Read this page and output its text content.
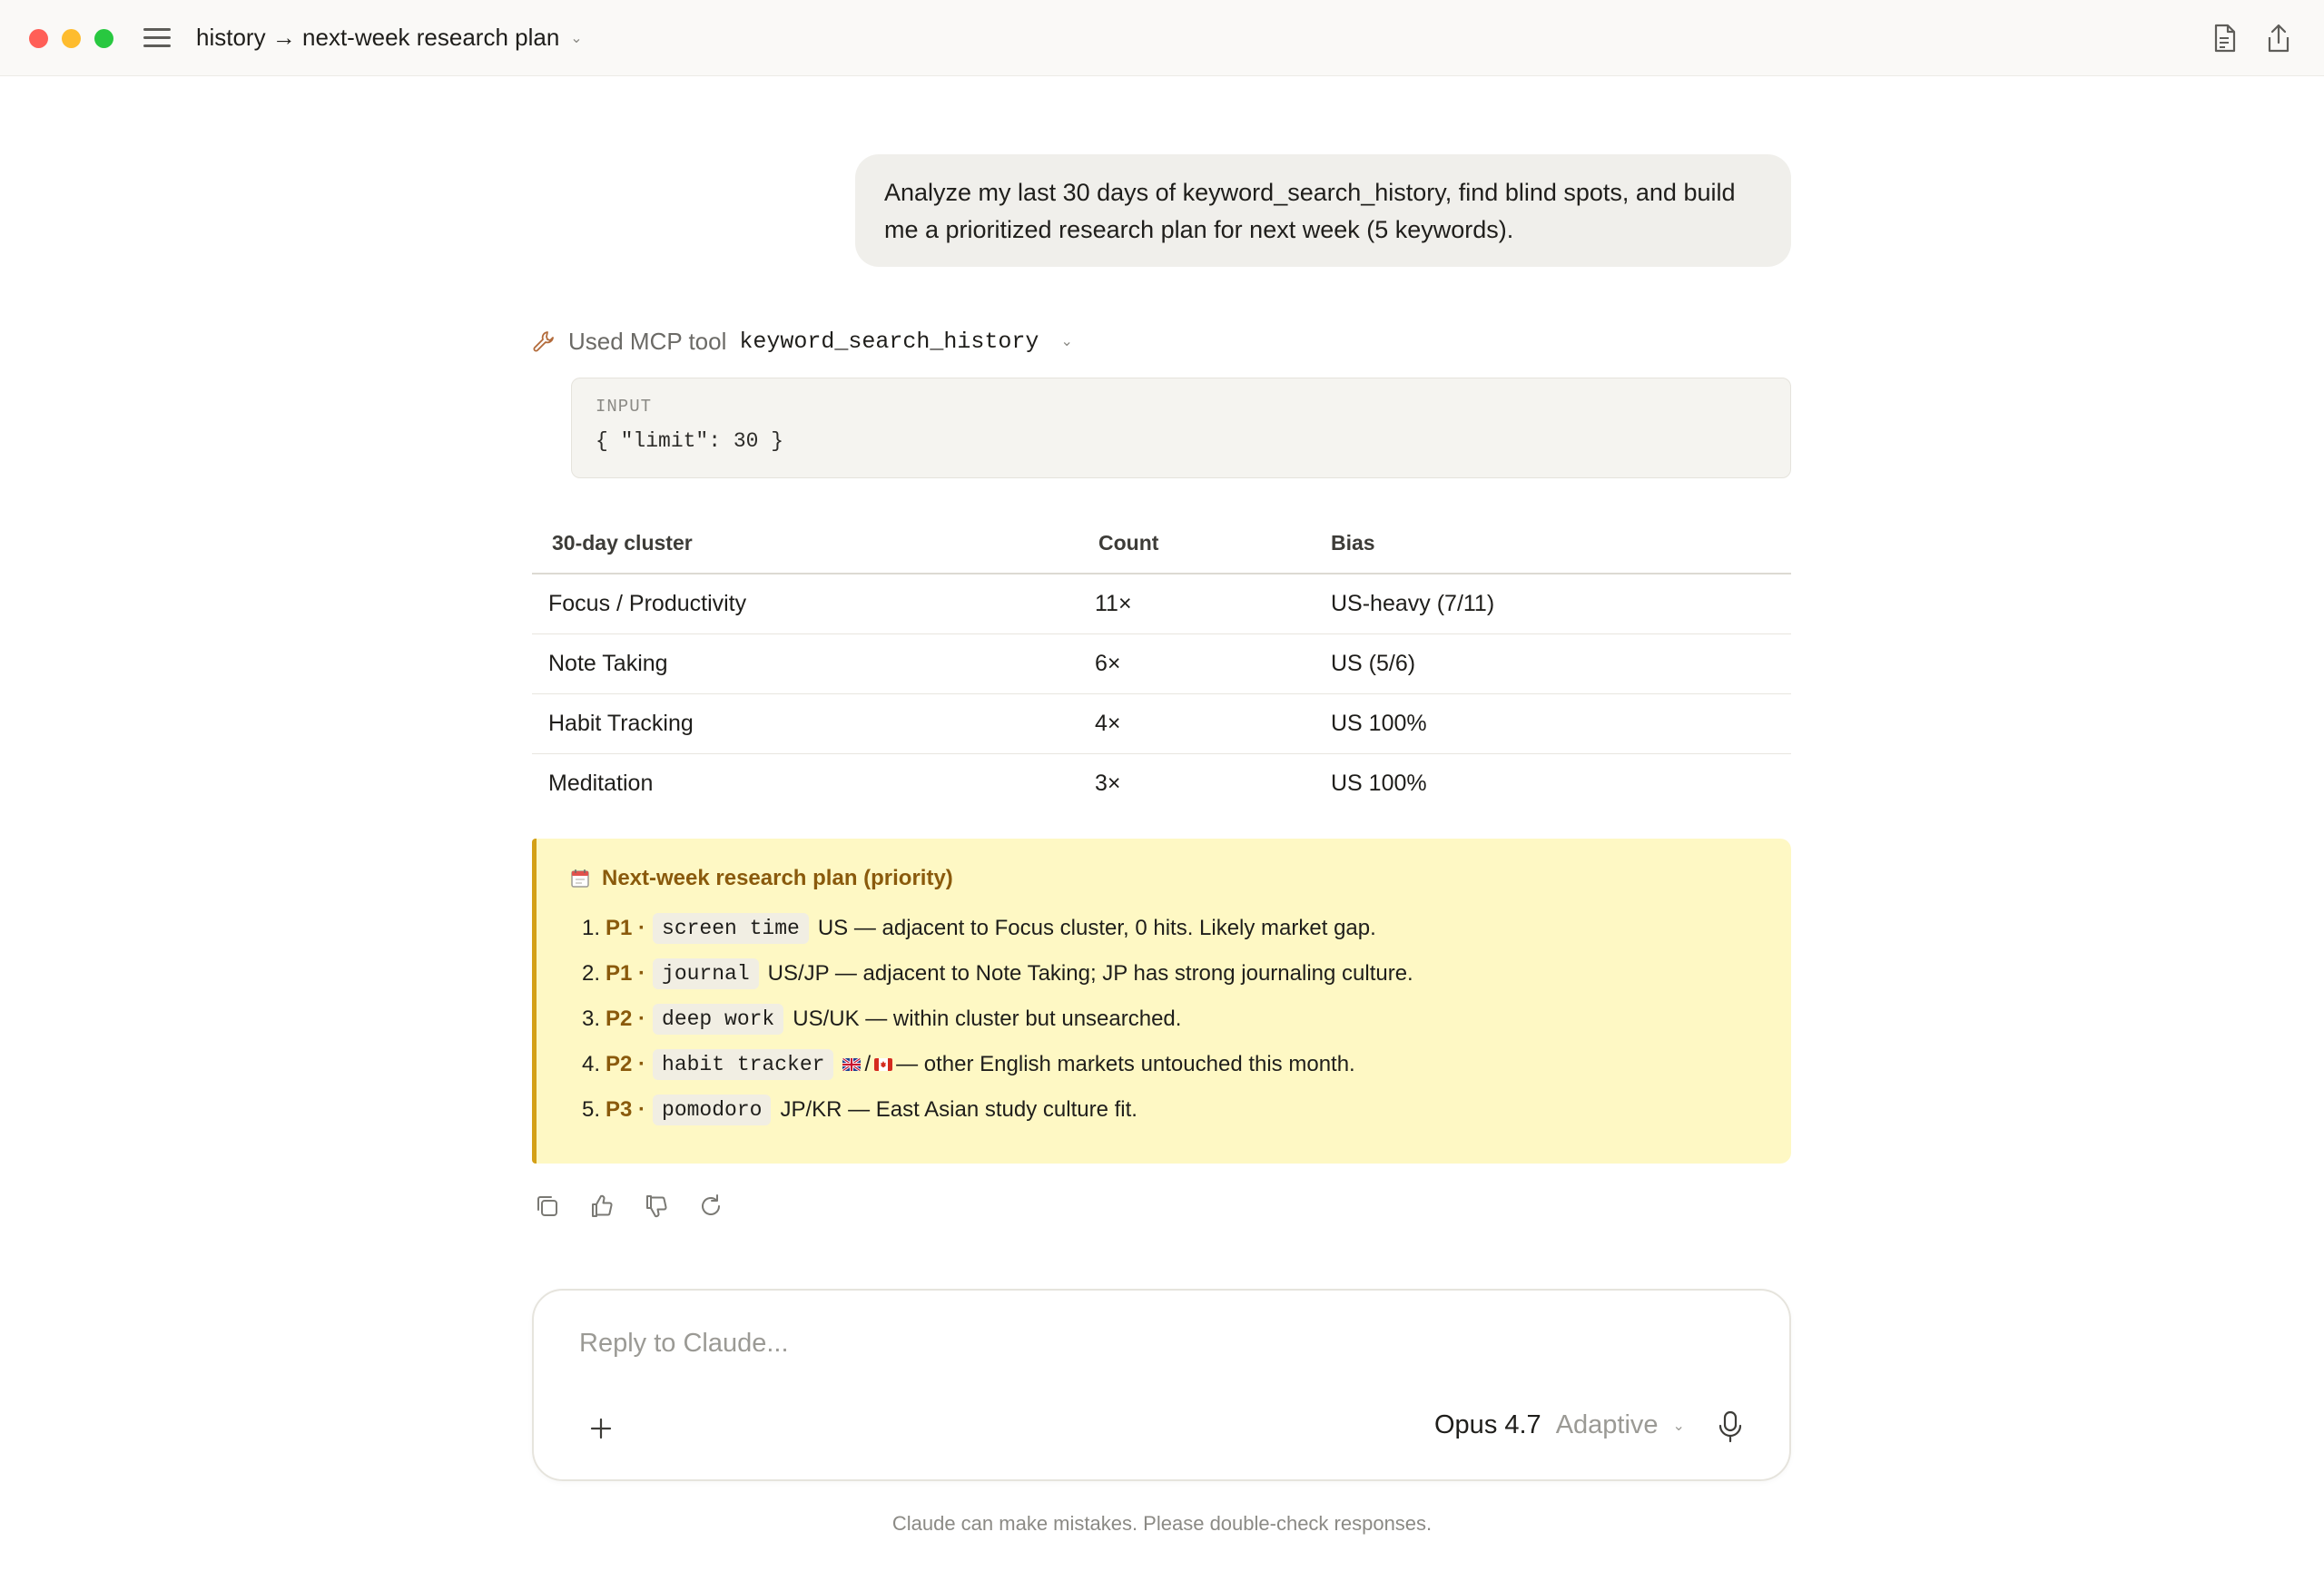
history → next-week research plan ⌄
Analyze my last 30 days of keyword_search_history, find blind spots, and build me a prioritized research plan for next week (5 keywords).
Used MCP tool keyword_search_history ⌄
INPUT
{ "limit": 30 }
30-day cluster	Count	Bias
Focus / Productivity	11×	US-heavy (7/11)
Note Taking	6×	US (5/6)
Habit Tracking	4×	US 100%
Meditation	3×	US 100%
Next-week research plan (priority)
1. P1 · screen time US — adjacent to Focus cluster, 0 hits. Likely market gap.
2. P1 · journal US/JP — adjacent to Note Taking; JP has strong journaling culture.
3. P2 · deep work US/UK — within cluster but unsearched.
4. P2 · habit tracker	/ — other English markets untouched this month.
5. P3 · pomodoro JP/KR — East Asian study culture fit.
Reply to Claude...
Opus 4.7 Adaptive ⌄
Claude can make mistakes. Please double-check responses.
